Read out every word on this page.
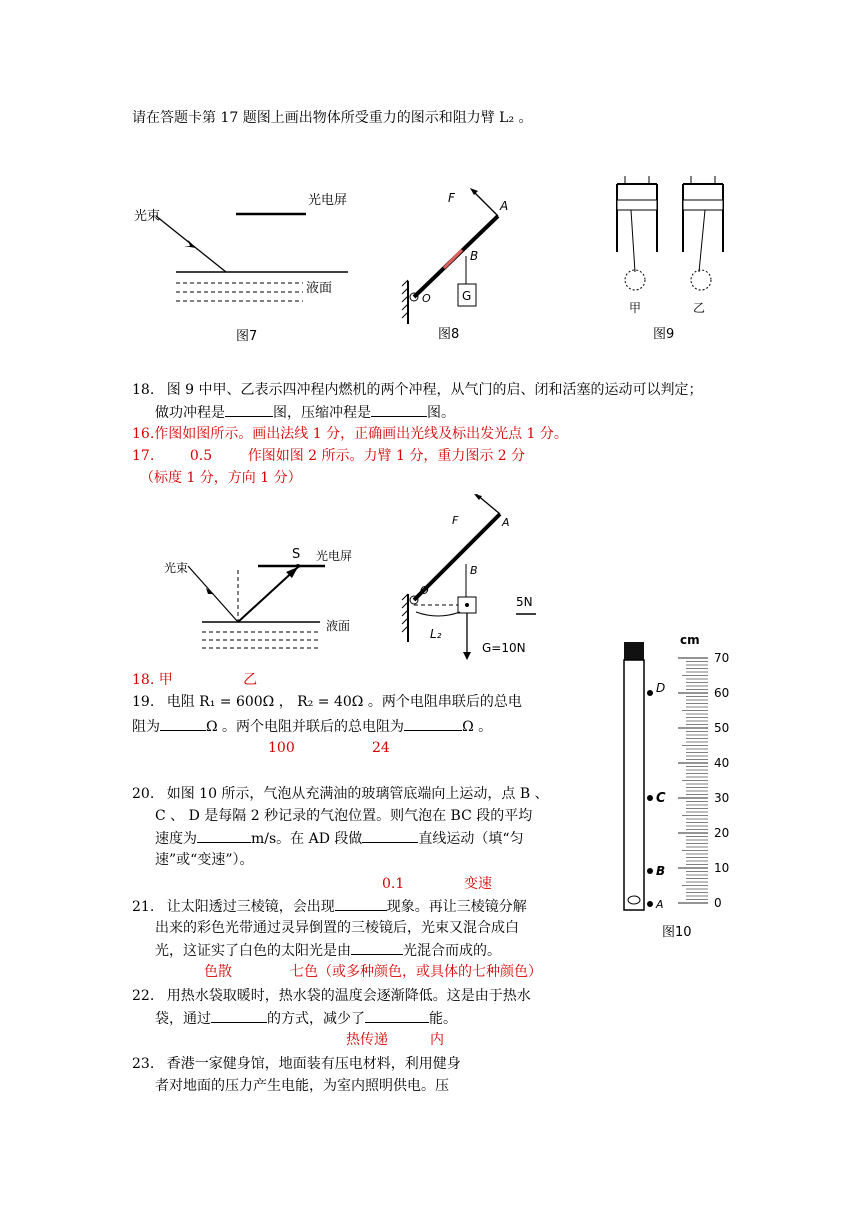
请在答题卡第 17 题图上画出物体所受重力的图示和阻力臂 L₂ 。
光束
光电屏
液面
图7
F
A
B
O	G
图8
甲	乙
图9
18. 图 9 中甲、乙表示四冲程内燃机的两个冲程，从气门的启、闭和活塞的运动可以判定；
做功冲程是	图，压缩冲程是	图。
16.作图如图所示。画出法线 1 分，正确画出光线及标出发光点 1 分。
17.        0.5        作图如图 2 所示。力臂 1 分，重力图示 2 分
（标度 1 分，方向 1 分）
光束
S 光电屏
液面
F	A
B
O
L₂
5N
G=10N
18. 甲	乙
19. 电阻 R₁ = 600Ω ， R₂ = 40Ω 。两个电阻串联后的总电
阻为	Ω 。两个电阻并联后的总电阻为	Ω 。
100	24
20. 如图 10 所示，气泡从充满油的玻璃管底端向上运动，点 B 、
C 、 D 是每隔 2 秒记录的气泡位置。则气泡在 BC 段的平均
速度为	m/s。在 AD 段做	直线运动（填“匀
速”或“变速”）。
0.1	变速
21. 让太阳透过三棱镜，会出现	现象。再让三棱镜分解
出来的彩色光带通过灵异倒置的三棱镜后，光束又混合成白
光，这证实了白色的太阳光是由	光混合而成的。
色散	七色（或多种颜色，或具体的七种颜色）
22. 用热水袋取暖时，热水袋的温度会逐渐降低。这是由于热水
袋，通过	的方式，减少了	能。
热传递	内
23. 香港一家健身馆，地面装有压电材料，利用健身
者对地面的压力产生电能，为室内照明供电。压
70
60
50
40
30
20
10
0
cm
D
C
B
A
图10
